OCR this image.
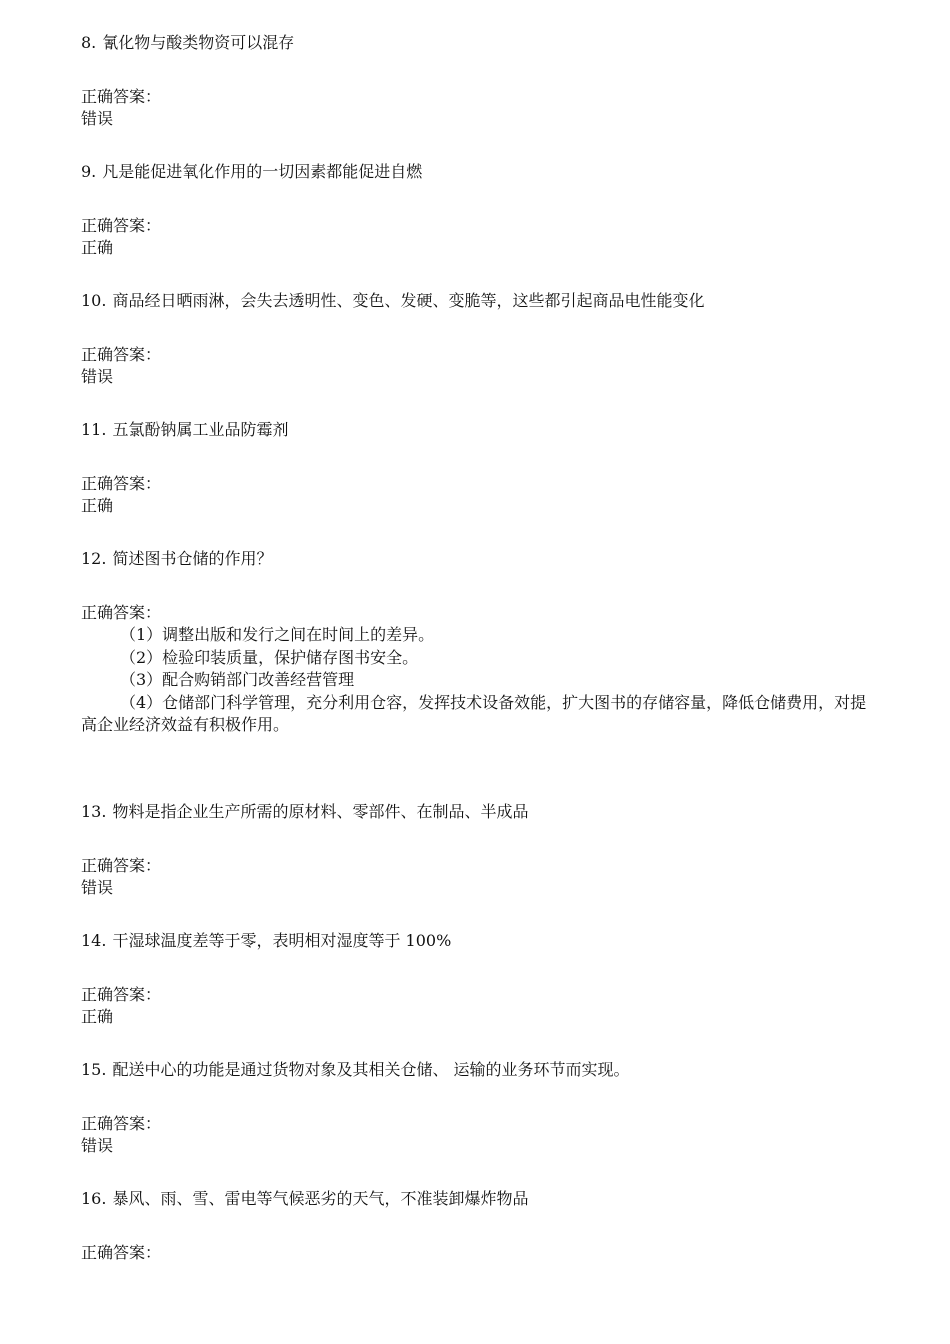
8. 氰化物与酸类物资可以混存

正确答案：

错误

9. 凡是能促进氧化作用的一切因素都能促进自燃

正确答案：

正确

10. 商品经日晒雨淋，会失去透明性、变色、发硬、变脆等，这些都引起商品电性能变化

正确答案：

错误

11. 五氯酚钠属工业品防霉剂

正确答案：

正确

12. 简述图书仓储的作用？

正确答案：

（1）调整出版和发行之间在时间上的差异。

（2）检验印装质量，保护储存图书安全。

（3）配合购销部门改善经营管理

（4）仓储部门科学管理，充分利用仓容，发挥技术设备效能，扩大图书的存储容量，降低仓储费用，对提高企业经济效益有积极作用。

13. 物料是指企业生产所需的原材料、零部件、在制品、半成品

正确答案：

错误

14. 干湿球温度差等于零，表明相对湿度等于 100%

正确答案：

正确

15. 配送中心的功能是通过货物对象及其相关仓储、 运输的业务环节而实现。

正确答案：

错误

16. 暴风、雨、雪、雷电等气候恶劣的天气，不准装卸爆炸物品

正确答案：
